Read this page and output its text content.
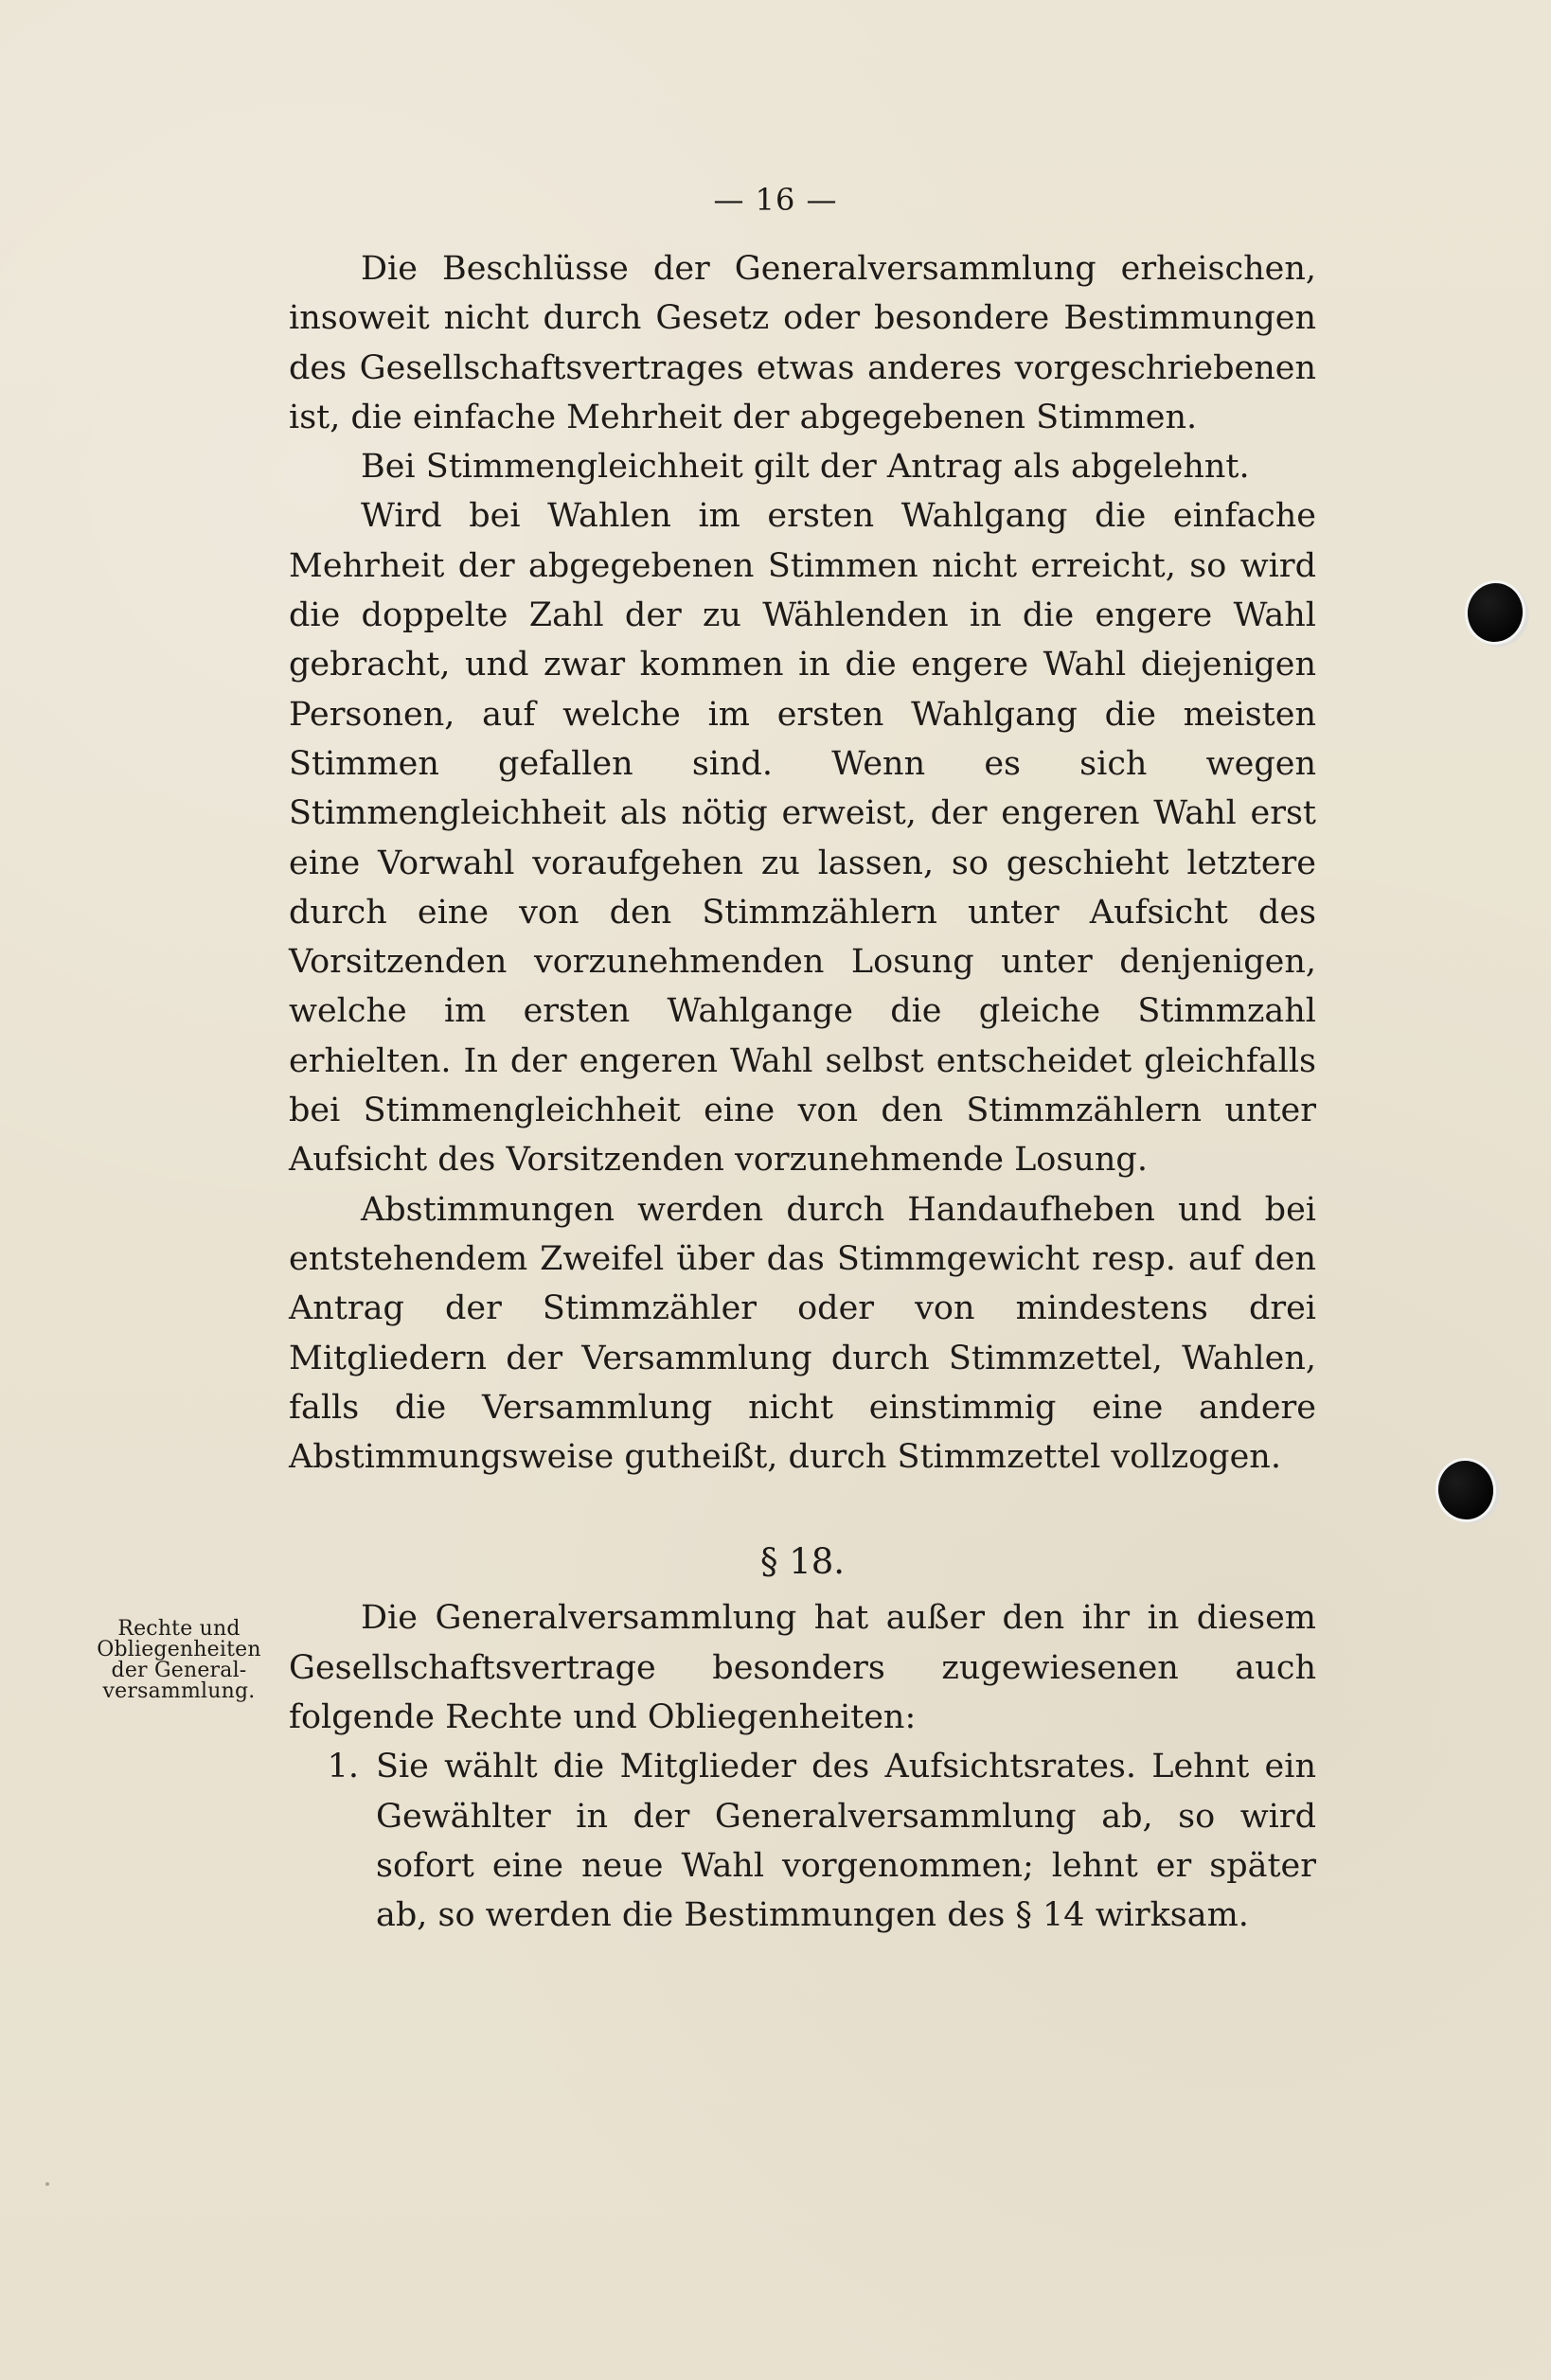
— 16 —

Die Beschlüsse der Generalversammlung erheischen, insoweit nicht durch Gesetz oder besondere Bestimmungen des Gesellschaftsvertrages etwas anderes vorgeschriebenen ist, die einfache Mehrheit der abgegebenen Stimmen.

Bei Stimmengleichheit gilt der Antrag als abgelehnt.

Wird bei Wahlen im ersten Wahlgang die einfache Mehrheit der abgegebenen Stimmen nicht erreicht, so wird die doppelte Zahl der zu Wählenden in die engere Wahl gebracht, und zwar kommen in die engere Wahl diejenigen Personen, auf welche im ersten Wahlgang die meisten Stimmen gefallen sind. Wenn es sich wegen Stimmengleichheit als nötig erweist, der engeren Wahl erst eine Vorwahl voraufgehen zu lassen, so geschieht letztere durch eine von den Stimmzählern unter Aufsicht des Vorsitzenden vorzunehmenden Losung unter denjenigen, welche im ersten Wahlgange die gleiche Stimmzahl erhielten. In der engeren Wahl selbst entscheidet gleichfalls bei Stimmengleichheit eine von den Stimmzählern unter Aufsicht des Vorsitzenden vorzunehmende Losung.

Abstimmungen werden durch Handaufheben und bei entstehendem Zweifel über das Stimmgewicht resp. auf den Antrag der Stimmzähler oder von mindestens drei Mitgliedern der Versammlung durch Stimmzettel, Wahlen, falls die Versammlung nicht einstimmig eine andere Abstimmungsweise gutheißt, durch Stimmzettel vollzogen.

§ 18.

Die Generalversammlung hat außer den ihr in diesem Gesellschaftsvertrage besonders zugewiesenen auch folgende Rechte und Obliegenheiten:

1. Sie wählt die Mitglieder des Aufsichtsrates. Lehnt ein Gewählter in der Generalversammlung ab, so wird sofort eine neue Wahl vorgenommen; lehnt er später ab, so werden die Bestimmungen des § 14 wirksam.
Rechte und
Obliegenheiten
der General-
versammlung.
